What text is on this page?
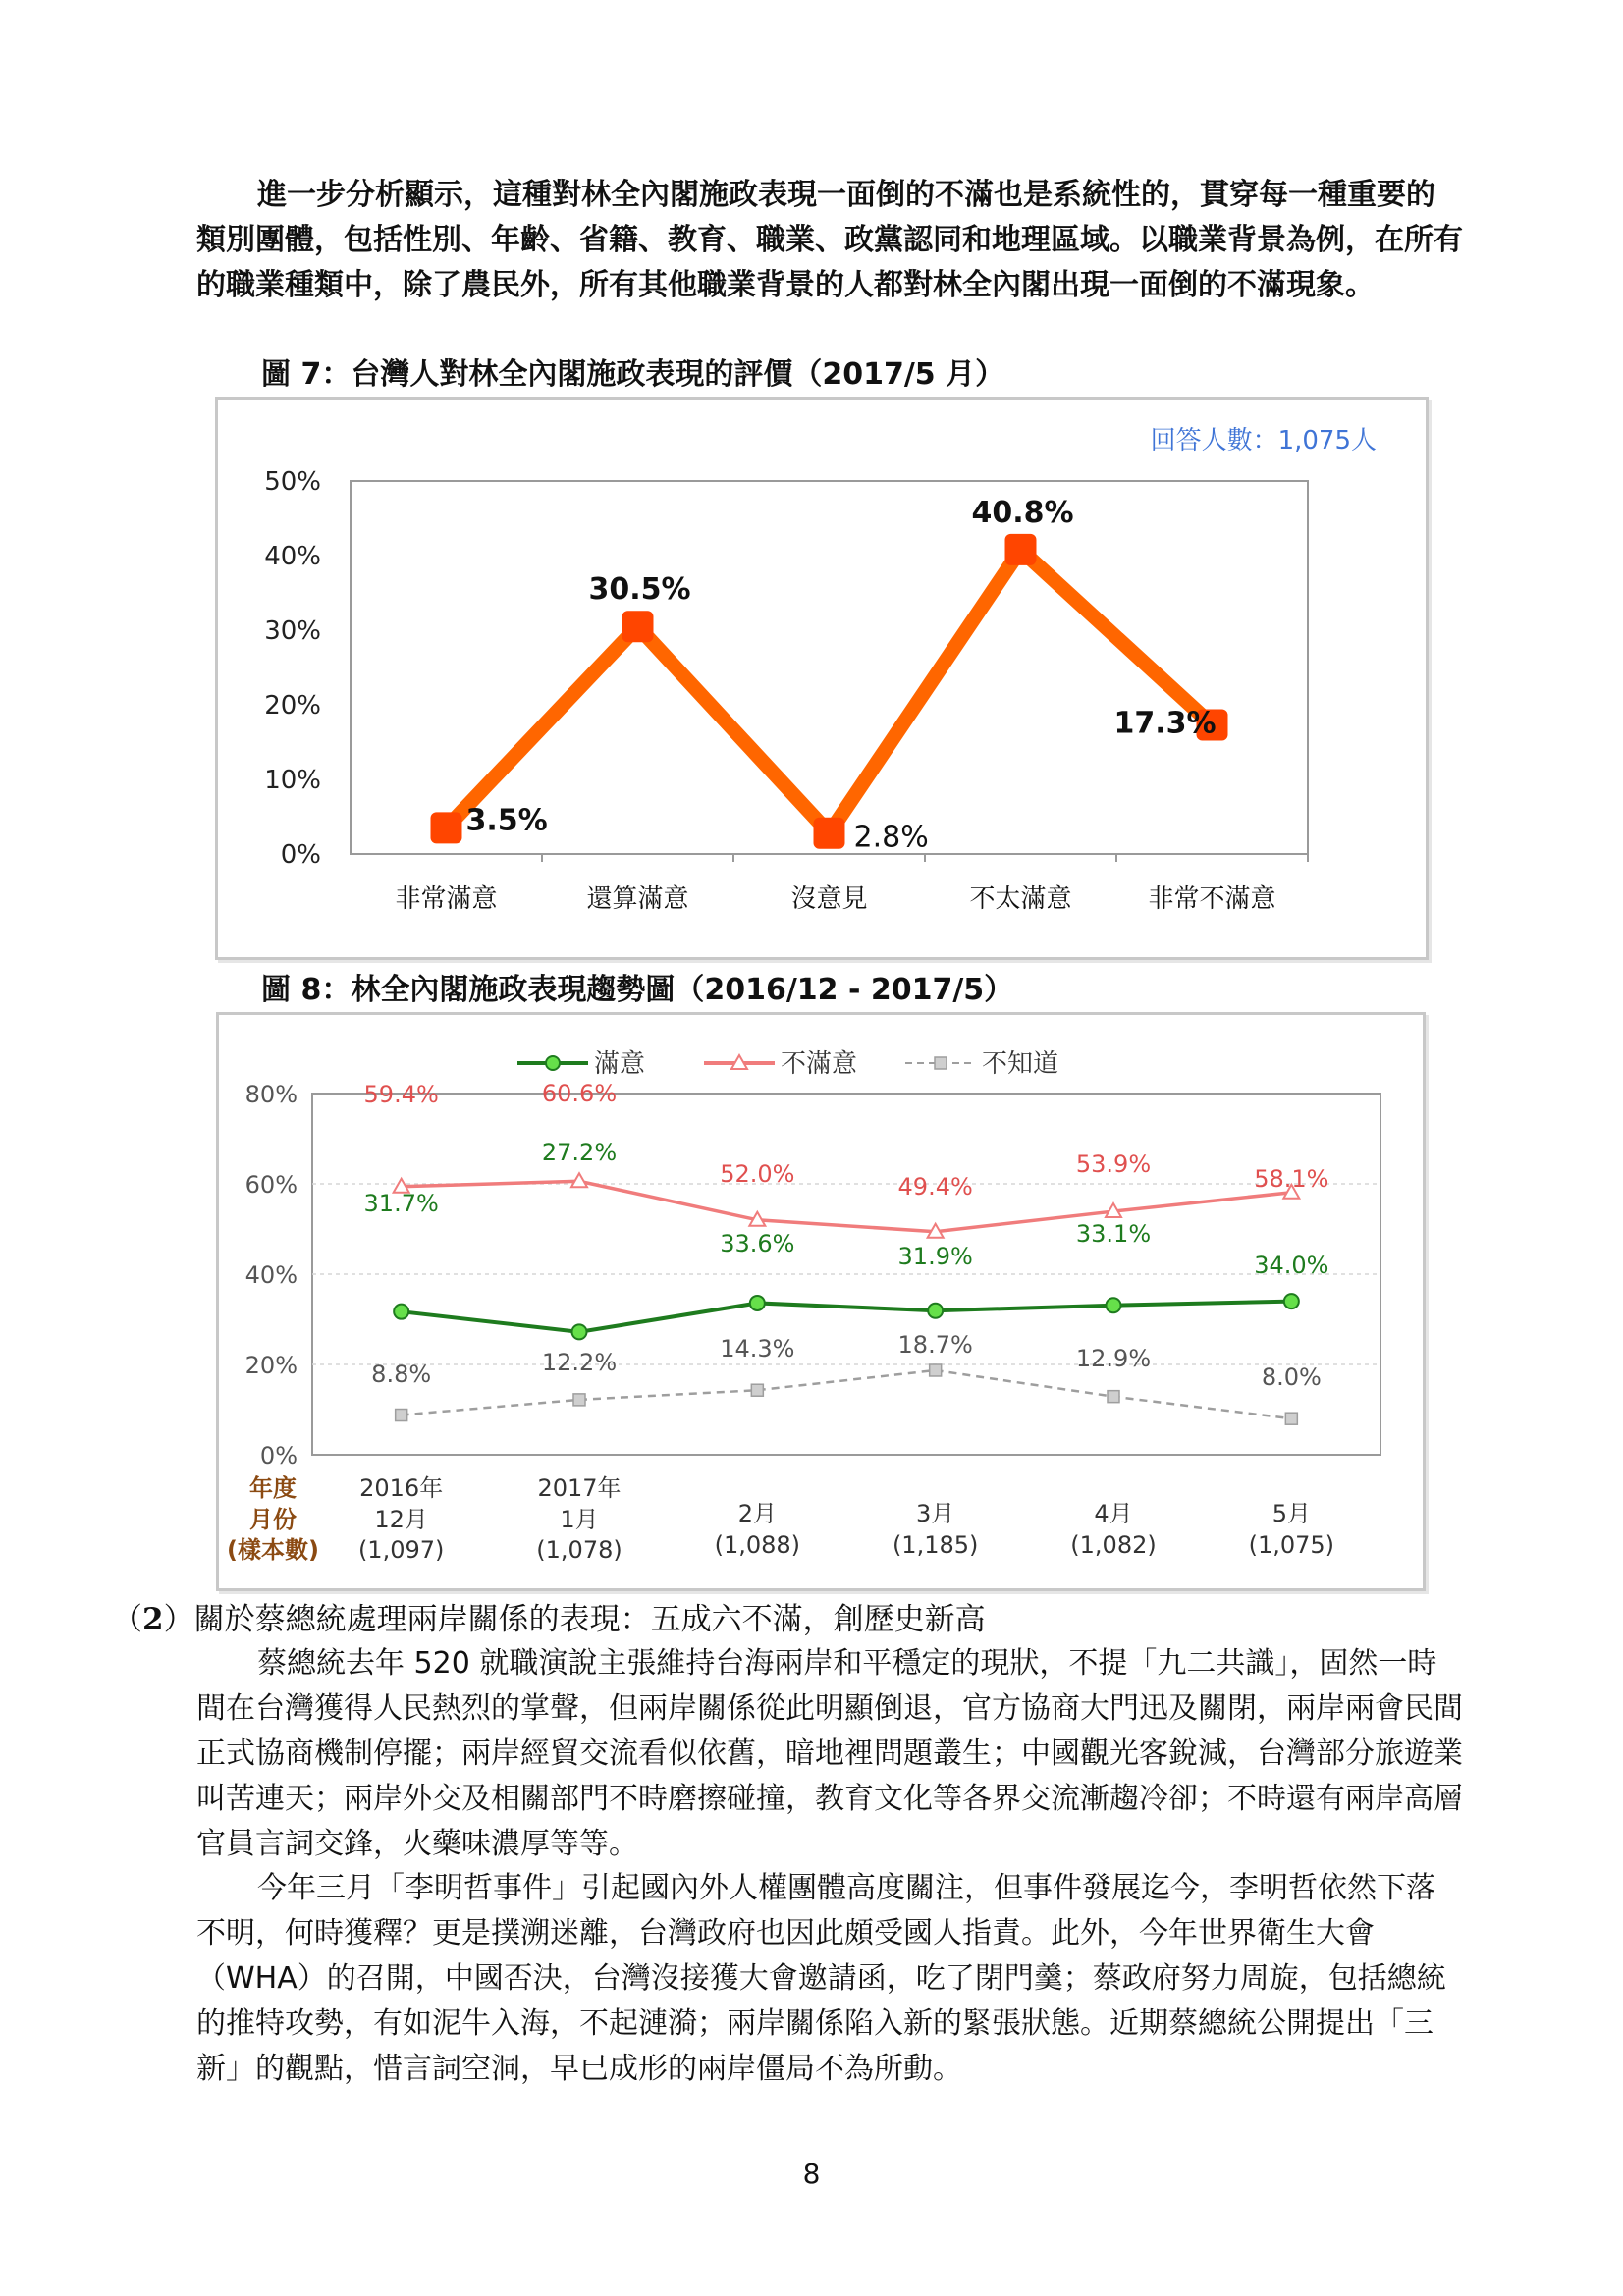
進一步分析顯示，這種對林全內閣施政表現一面倒的不滿也是系統性的，貫穿每一種重要的類別團體，包括性別、年齡、省籍、教育、職業、政黨認同和地理區域。以職業背景為例，在所有的職業種類中，除了農民外，所有其他職業背景的人都對林全內閣出現一面倒的不滿現象。

圖 7：台灣人對林全內閣施政表現的評價（2017/5 月）

回答人數：1,075人
0%
10%
20%
30%
40%
50%
非常滿意	還算滿意	沒意見	不太滿意	非常不滿意
3.5%
30.5%
2.8%
40.8%
17.3%

圖 8：林全內閣施政表現趨勢圖（2016/12 - 2017/5）

0%
20%
40%
60%
80%
滿意	不滿意	不知道
31.7%
27.2%
33.6%	31.9%
33.1%
34.0%
59.4%	60.6%
52.0%	49.4%
53.9%
58.1%
8.8%	12.2%	14.3%	18.7%	12.9%
8.0%
年度
月份
(樣本數)
2016年	2017年
12月	1月	2月	3月	4月	5月
(1,097)	(1,078)	(1,088)	(1,185)	(1,082)	(1,075)
（2）關於蔡總統處理兩岸關係的表現：五成六不滿，創歷史新高

蔡總統去年 520 就職演說主張維持台海兩岸和平穩定的現狀，不提「九二共識」，固然一時間在台灣獲得人民熱烈的掌聲，但兩岸關係從此明顯倒退，官方協商大門迅及關閉，兩岸兩會民間正式協商機制停擺；兩岸經貿交流看似依舊，暗地裡問題叢生；中國觀光客銳減，台灣部分旅遊業叫苦連天；兩岸外交及相關部門不時磨擦碰撞，教育文化等各界交流漸趨冷卻；不時還有兩岸高層官員言詞交鋒，火藥味濃厚等等。

今年三月「李明哲事件」引起國內外人權團體高度關注，但事件發展迄今，李明哲依然下落不明，何時獲釋？更是撲溯迷離，台灣政府也因此頗受國人指責。此外，今年世界衛生大會（WHA）的召開，中國否決，台灣沒接獲大會邀請函，吃了閉門羹；蔡政府努力周旋，包括總統的推特攻勢，有如泥牛入海，不起漣漪；兩岸關係陷入新的緊張狀態。近期蔡總統公開提出「三新」的觀點，惜言詞空洞，早已成形的兩岸僵局不為所動。

8
